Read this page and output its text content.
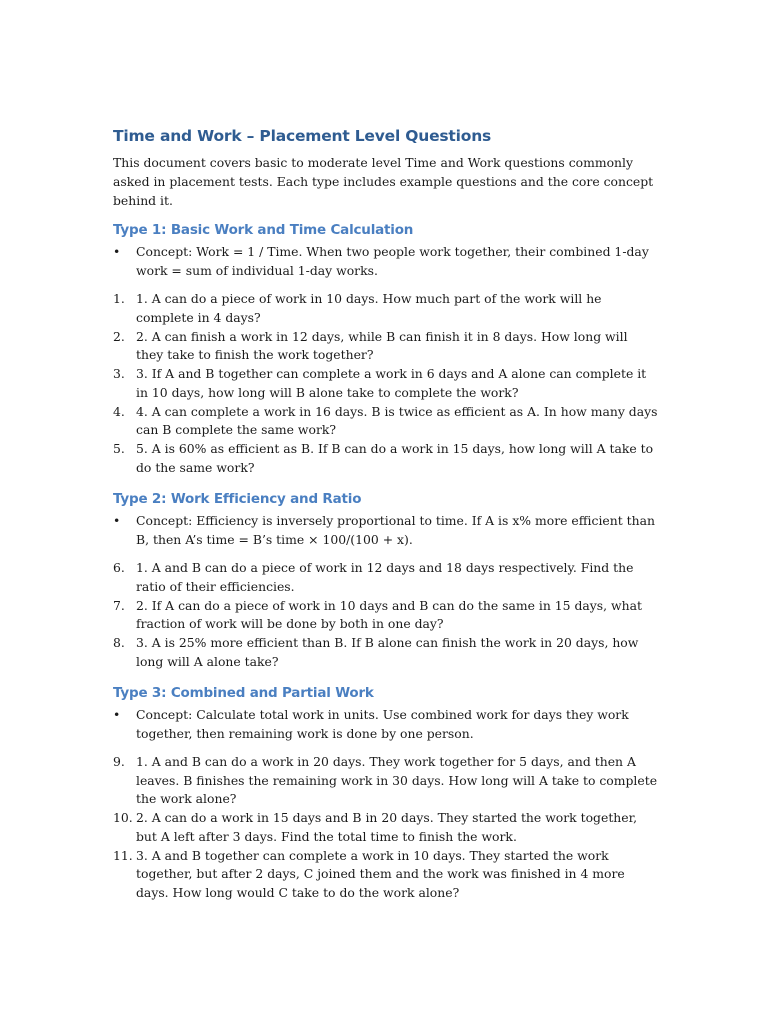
Time and Work – Placement Level Questions

This document covers basic to moderate level Time and Work questions commonly asked in placement tests. Each type includes example questions and the core concept behind it.

Type 1: Basic Work and Time Calculation
• Concept: Work = 1 / Time. When two people work together, their combined 1-day work = sum of individual 1-day works.
1. 1. A can do a piece of work in 10 days. How much part of the work will he complete in 4 days?
2. 2. A can finish a work in 12 days, while B can finish it in 8 days. How long will they take to finish the work together?
3. 3. If A and B together can complete a work in 6 days and A alone can complete it in 10 days, how long will B alone take to complete the work?
4. 4. A can complete a work in 16 days. B is twice as efficient as A. In how many days can B complete the same work?
5. 5. A is 60% as efficient as B. If B can do a work in 15 days, how long will A take to do the same work?
Type 2: Work Efficiency and Ratio
• Concept: Efficiency is inversely proportional to time. If A is x% more efficient than B, then A’s time = B’s time × 100/(100 + x).
6. 1. A and B can do a piece of work in 12 days and 18 days respectively. Find the ratio of their efficiencies.
7. 2. If A can do a piece of work in 10 days and B can do the same in 15 days, what fraction of work will be done by both in one day?
8. 3. A is 25% more efficient than B. If B alone can finish the work in 20 days, how long will A alone take?
Type 3: Combined and Partial Work
• Concept: Calculate total work in units. Use combined work for days they work together, then remaining work is done by one person.
9. 1. A and B can do a work in 20 days. They work together for 5 days, and then A leaves. B finishes the remaining work in 30 days. How long will A take to complete the work alone?
10. 2. A can do a work in 15 days and B in 20 days. They started the work together, but A left after 3 days. Find the total time to finish the work.
11. 3. A and B together can complete a work in 10 days. They started the work together, but after 2 days, C joined them and the work was finished in 4 more days. How long would C take to do the work alone?
